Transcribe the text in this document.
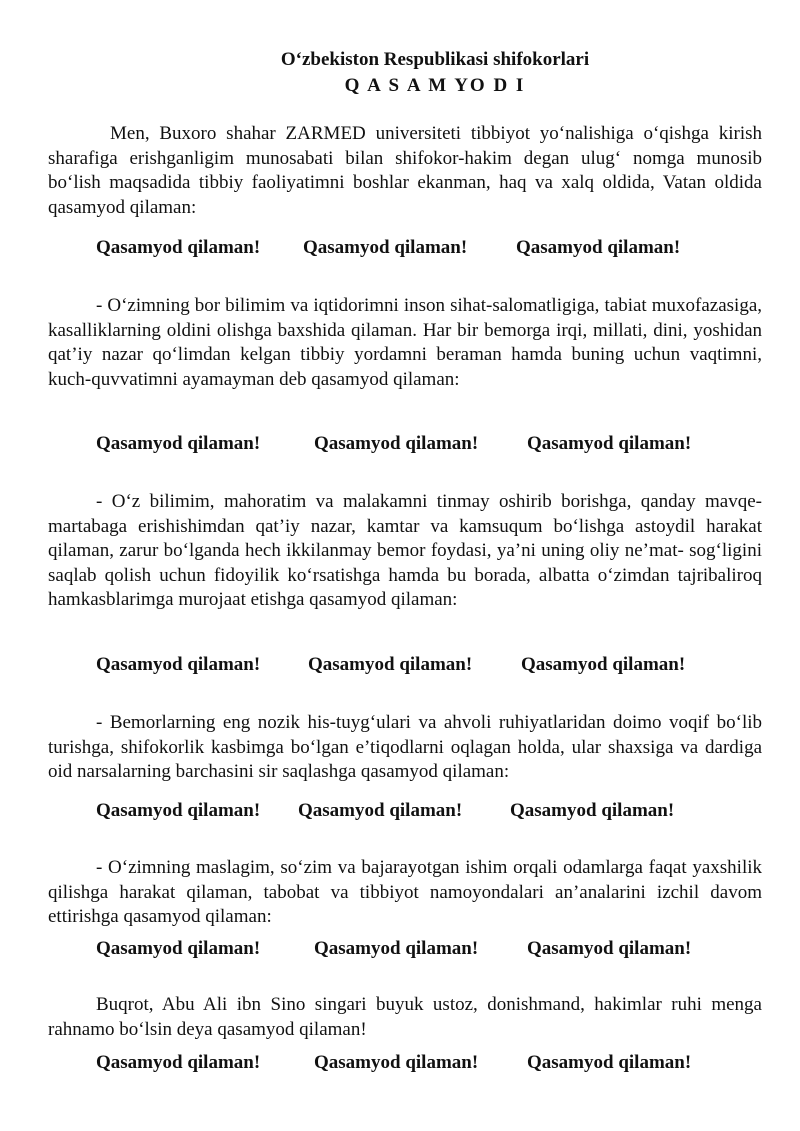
O‘zbekiston Respublikasi shifokorlari
Q A S A M YO D I

Men, Buxoro shahar ZARMED universiteti tibbiyot yo‘nalishiga o‘qishga kirish sharafiga erishganligim munosabati bilan shifokor-hakim degan ulug‘ nomga munosib bo‘lish maqsadida tibbiy faoliyatimni boshlar ekanman, haq va xalq oldida, Vatan oldida qasamyod qilaman:

Qasamyod qilaman! Qasamyod qilaman!	Qasamyod qilaman!

- O‘zimning bor bilimim va iqtidorimni inson sihat-salomatligiga, tabiat muxofazasiga, kasalliklarning oldini olishga baxshida qilaman. Har bir bemorga irqi, millati, dini, yoshidan qat’iy nazar qo‘limdan kelgan tibbiy yordamni beraman hamda buning uchun vaqtimni, kuch-quvvatimni ayamayman deb qasamyod qilaman:

Qasamyod qilaman!	Qasamyod qilaman!	Qasamyod qilaman!

- O‘z bilimim, mahoratim va malakamni tinmay oshirib borishga, qanday mavqe-martabaga erishishimdan qat’iy nazar, kamtar va kamsuqum bo‘lishga astoydil harakat qilaman, zarur bo‘lganda hech ikkilanmay bemor foydasi, ya’ni uning oliy ne’mat- sog‘ligini saqlab qolish uchun fidoyilik ko‘rsatishga hamda bu borada, albatta o‘zimdan tajribaliroq hamkasblarimga murojaat etishga qasamyod qilaman:

Qasamyod qilaman!	Qasamyod qilaman!	Qasamyod qilaman!

- Bemorlarning eng nozik his-tuyg‘ulari va ahvoli ruhiyatlaridan doimo voqif bo‘lib turishga, shifokorlik kasbimga bo‘lgan e’tiqodlarni oqlagan holda, ular shaxsiga va dardiga oid narsalarning barchasini sir saqlashga qasamyod qilaman:

Qasamyod qilaman! Qasamyod qilaman!	Qasamyod qilaman!

- O‘zimning maslagim, so‘zim va bajarayotgan ishim orqali odamlarga faqat yaxshilik qilishga harakat qilaman, tabobat va tibbiyot namoyondalari an’analarini izchil davom ettirishga qasamyod qilaman:

Qasamyod qilaman!	Qasamyod qilaman!	Qasamyod qilaman!

Buqrot, Abu Ali ibn Sino singari buyuk ustoz, donishmand, hakimlar ruhi menga rahnamo bo‘lsin deya qasamyod qilaman!

Qasamyod qilaman!	Qasamyod qilaman!	Qasamyod qilaman!
